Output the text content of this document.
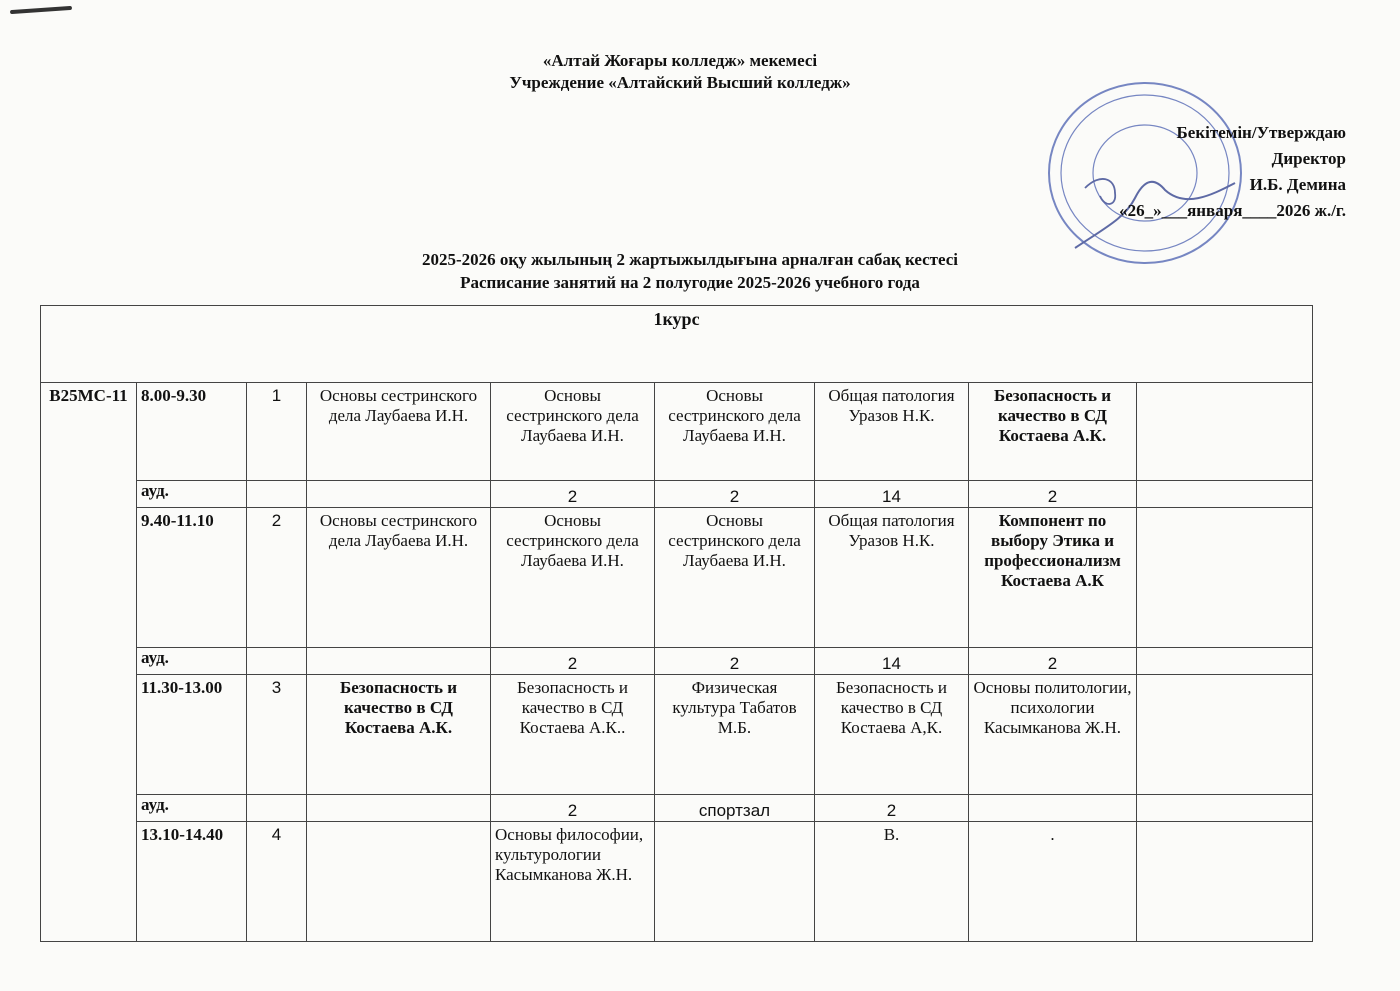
«Алтай Жоғары колледж» мекемесі
Учреждение «Алтайский Высший колледж»
Бекітемін/Утверждаю
Директор
И.Б. Демина
«26_»___января____2026 ж./г.
2025-2026 оқу жылының 2 жартыжылдығына арналған сабақ кестесі
Расписание занятий на 2 полугодие 2025-2026 учебного года
1курс								
В25МС-11	8.00-9.30	1	Основы сестринского дела Лаубаева И.Н.	Основы сестринского дела Лаубаева И.Н.	Основы сестринского дела Лаубаева И.Н.	Общая патология Уразов Н.К.	Безопасность и качество в СД Костаева А.К.	
	ауд.			2	2	14	2	
	9.40-11.10	2	Основы сестринского дела Лаубаева И.Н.	Основы сестринского дела Лаубаева И.Н.	Основы сестринского дела Лаубаева И.Н.	Общая патология Уразов Н.К.	Компонент по выбору Этика и профессионализм Костаева А.К	
	ауд.			2	2	14	2	
	11.30-13.00	3	Безопасность и качество в СД Костаева А.К.	Безопасность и качество в СД Костаева А.К..	Физическая культура Табатов М.Б.	Безопасность и качество в СД Костаева А,К.	Основы политологии, психологии Касымканова Ж.Н.	
	ауд.			2	спортзал	2		
	13.10-14.40	4		Основы философии, культурологии Касымканова Ж.Н.		В.	.	
